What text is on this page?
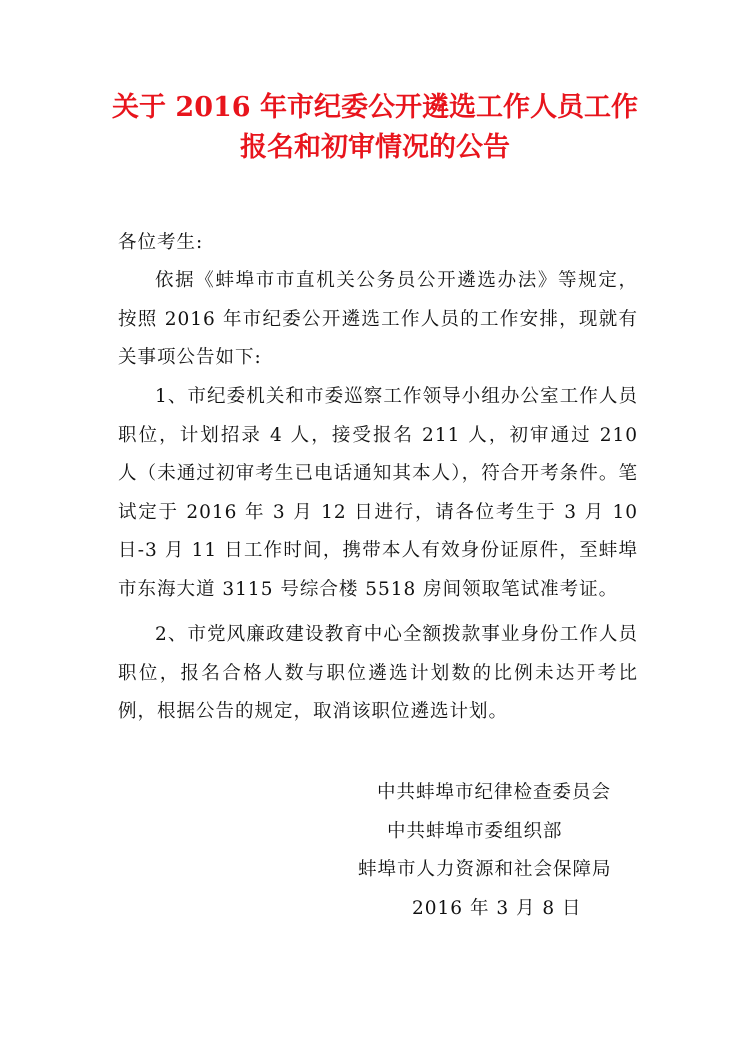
关于 2016 年市纪委公开遴选工作人员工作
报名和初审情况的公告
各位考生:

依据《蚌埠市市直机关公务员公开遴选办法》等规定，按照 2016 年市纪委公开遴选工作人员的工作安排，现就有关事项公告如下:

1、市纪委机关和市委巡察工作领导小组办公室工作人员职位，计划招录 4 人，接受报名 211 人，初审通过 210 人（未通过初审考生已电话通知其本人），符合开考条件。笔试定于 2016 年 3 月 12 日进行，请各位考生于 3 月 10 日-3 月 11 日工作时间，携带本人有效身份证原件，至蚌埠市东海大道 3115 号综合楼 5518 房间领取笔试准考证。

2、市党风廉政建设教育中心全额拨款事业身份工作人员职位，报名合格人数与职位遴选计划数的比例未达开考比例，根据公告的规定，取消该职位遴选计划。

中共蚌埠市纪律检查委员会
中共蚌埠市委组织部
蚌埠市人力资源和社会保障局
2016 年 3 月 8 日
